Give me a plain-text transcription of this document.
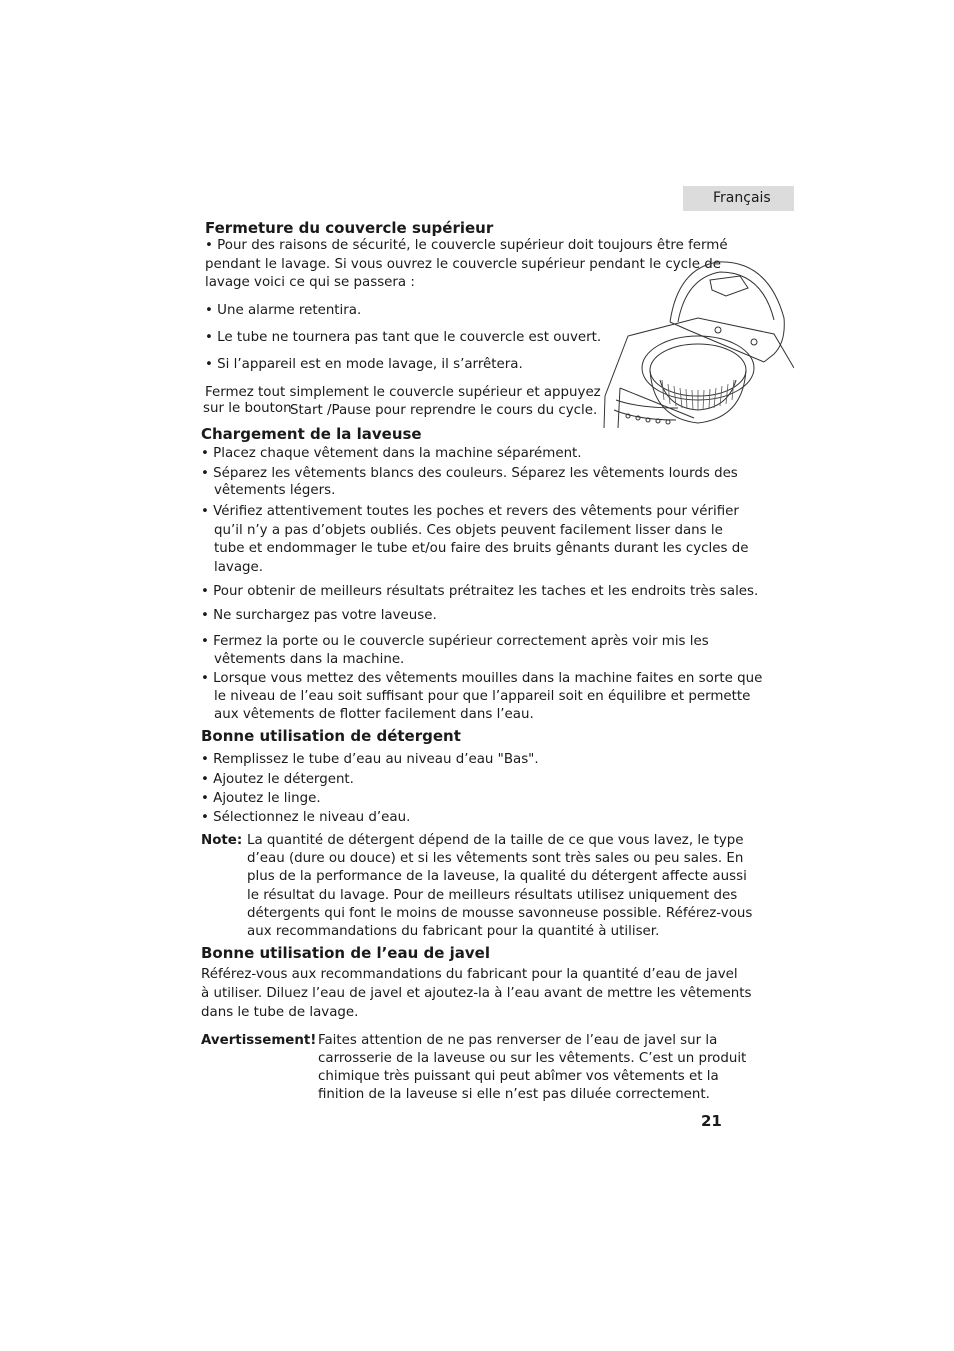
Français
Fermeture du couvercle supérieur
• Pour des raisons de sécurité, le couvercle supérieur doit toujours être fermé
pendant le lavage. Si vous ouvrez le couvercle supérieur pendant le cycle de
lavage voici ce qui se passera :
• Une alarme retentira.
• Le tube ne tournera pas tant que le couvercle est ouvert.
• Si l’appareil est en mode lavage, il s’arrêtera.
Fermez tout simplement le couvercle supérieur et appuyez
sur le bouton
Start /Pause pour reprendre le cours du cycle.
Chargement de la laveuse
• Placez chaque vêtement dans la machine séparément.
• Séparez les vêtements blancs des couleurs. Séparez les vêtements lourds des
vêtements légers.
• Vérifiez attentivement toutes les poches et revers des vêtements pour vérifier
qu’il n’y a pas d’objets oubliés. Ces objets peuvent facilement lisser dans le
tube et endommager le tube et/ou faire des bruits gênants durant les cycles de
lavage.
• Pour obtenir de meilleurs résultats prétraitez les taches et les endroits très sales.
• Ne surchargez pas votre laveuse.
• Fermez la porte ou le couvercle supérieur correctement après voir mis les
vêtements dans la machine.
• Lorsque vous mettez des vêtements mouilles dans la machine faites en sorte que
le niveau de l’eau soit suffisant pour que l’appareil soit en équilibre et permette
aux vêtements de flotter facilement dans l’eau.
Bonne utilisation de détergent
• Remplissez le tube d’eau au niveau d’eau "Bas".
• Ajoutez le détergent.
• Ajoutez le linge.
• Sélectionnez le niveau d’eau.
Note: La quantité de détergent dépend de la taille de ce que vous lavez, le type
d’eau (dure ou douce) et si les vêtements sont très sales ou peu sales. En
plus de la performance de la laveuse, la qualité du détergent affecte aussi
le résultat du lavage. Pour de meilleurs résultats utilisez uniquement des
détergents qui font le moins de mousse savonneuse possible. Référez-vous
aux recommandations du fabricant pour la quantité à utiliser.
Bonne utilisation de l’eau de javel
Référez-vous aux recommandations du fabricant pour la quantité d’eau de javel
à utiliser. Diluez l’eau de javel et ajoutez-la à l’eau avant de mettre les vêtements
dans le tube de lavage.
Avertissement! Faites attention de ne pas renverser de l’eau de javel sur la
carrosserie de la laveuse ou sur les vêtements. C’est un produit
chimique très puissant qui peut abîmer vos vêtements et la
finition de la laveuse si elle n’est pas diluée correctement.
21
